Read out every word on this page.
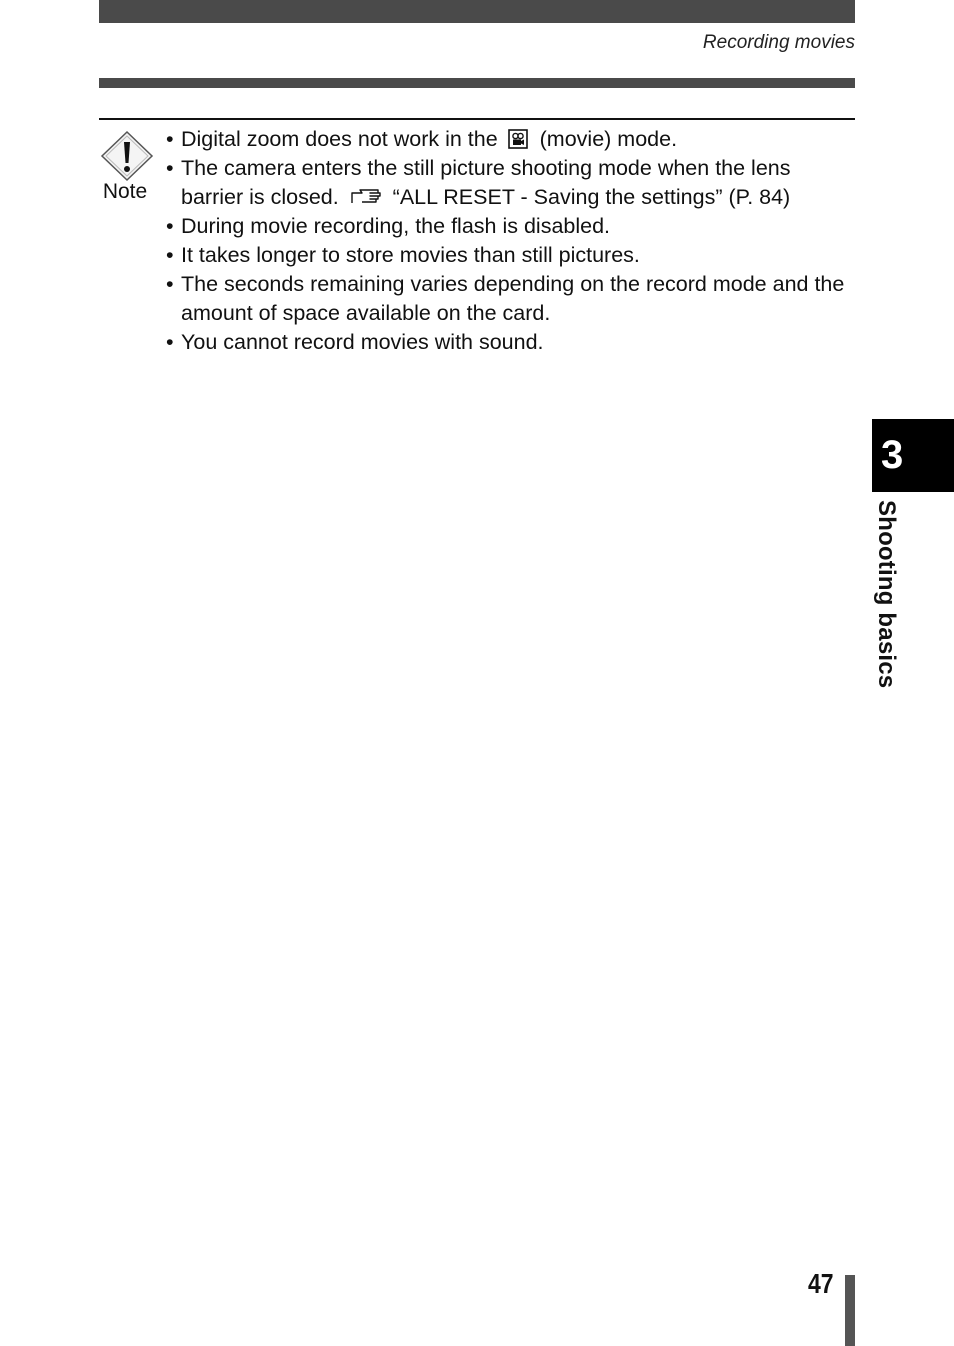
Recording movies
Note
• Digital zoom does not work in the  (movie) mode.
• The camera enters the still picture shooting mode when the lens barrier is closed.  “ALL RESET - Saving the settings” (P. 84)
• During movie recording, the flash is disabled.
• It takes longer to store movies than still pictures.
• The seconds remaining varies depending on the record mode and the amount of space available on the card.
• You cannot record movies with sound.
3
Shooting basics
47
